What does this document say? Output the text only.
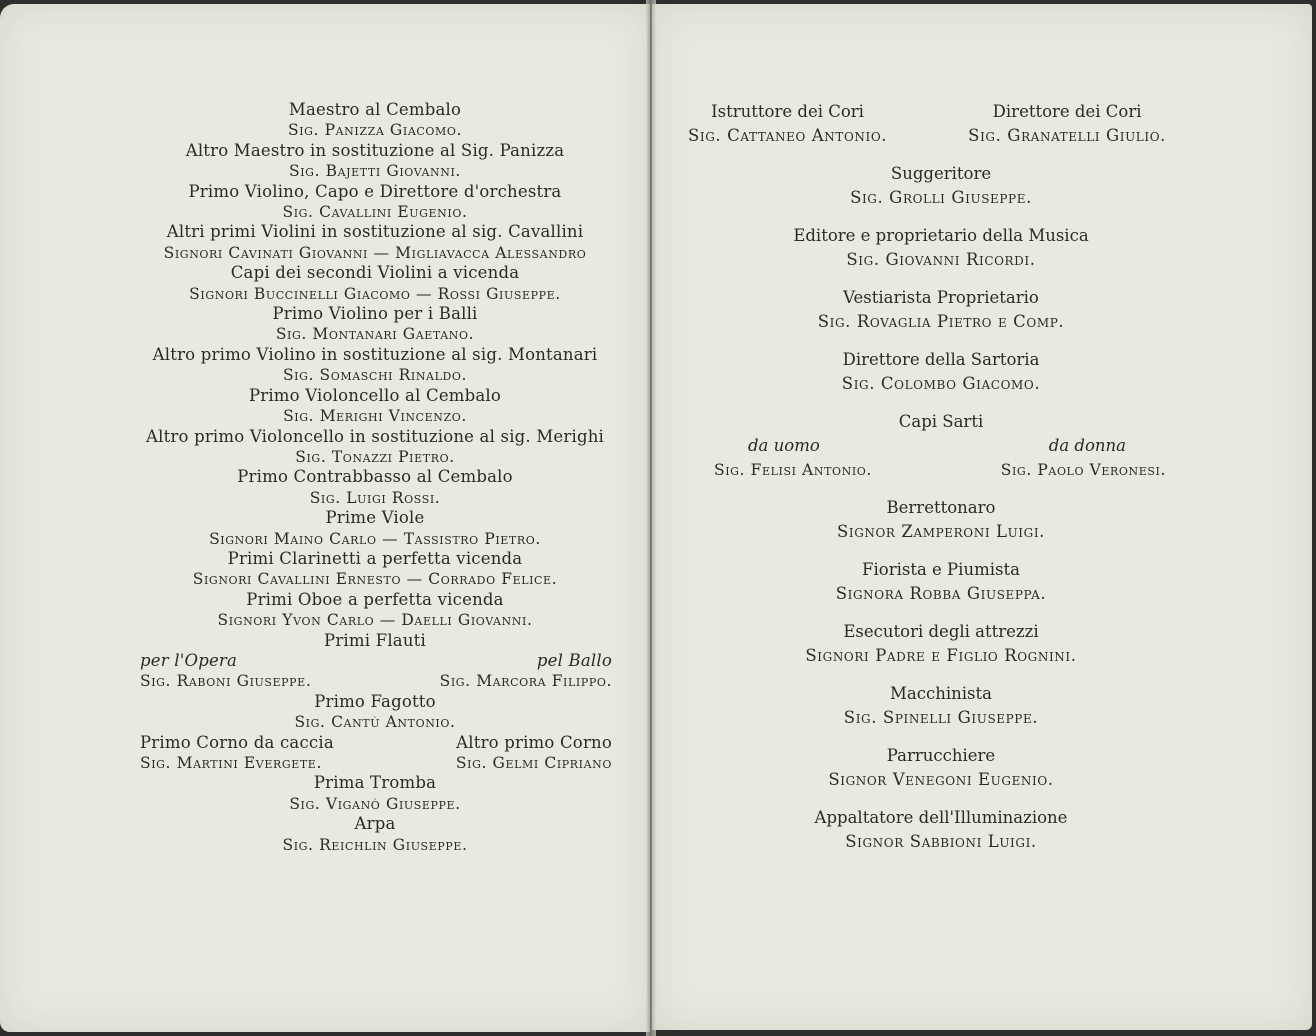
Maestro al Cembalo
Sig. Panizza Giacomo.
Altro Maestro in sostituzione al Sig. Panizza
Sig. Bajetti Giovanni.
Primo Violino, Capo e Direttore d'orchestra
Sig. Cavallini Eugenio.
Altri primi Violini in sostituzione al sig. Cavallini
Signori Cavinati Giovanni — Migliavacca Alessandro
Capi dei secondi Violini a vicenda
Signori Buccinelli Giacomo — Rossi Giuseppe.
Primo Violino per i Balli
Sig. Montanari Gaetano.
Altro primo Violino in sostituzione al sig. Montanari
Sig. Somaschi Rinaldo.
Primo Violoncello al Cembalo
Sig. Merighi Vincenzo.
Altro primo Violoncello in sostituzione al sig. Merighi
Sig. Tonazzi Pietro.
Primo Contrabbasso al Cembalo
Sig. Luigi Rossi.
Prime Viole
Signori Maino Carlo — Tassistro Pietro.
Primi Clarinetti a perfetta vicenda
Signori Cavallini Ernesto — Corrado Felice.
Primi Oboe a perfetta vicenda
Signori Yvon Carlo — Daelli Giovanni.
Primi Flauti
per l'Opera	pel Ballo
Sig. Raboni Giuseppe.	Sig. Marcora Filippo.
Primo Fagotto
Sig. Cantù Antonio.
Primo Corno da caccia	Altro primo Corno
Sig. Martini Evergete.	Sig. Gelmi Cipriano
Prima Tromba
Sig. Viganò Giuseppe.
Arpa
Sig. Reichlin Giuseppe.
Istruttore dei Cori
Sig. Cattaneo Antonio.
Direttore dei Cori
Sig. Granatelli Giulio.
Suggeritore
Sig. Grolli Giuseppe.
Editore e proprietario della Musica
Sig. Giovanni Ricordi.
Vestiarista Proprietario
Sig. Rovaglia Pietro e Comp.
Direttore della Sartoria
Sig. Colombo Giacomo.
Capi Sarti
da uomo	da donna
Sig. Felisi Antonio.	Sig. Paolo Veronesi.
Berrettonaro
Signor Zamperoni Luigi.
Fiorista e Piumista
Signora Robba Giuseppa.
Esecutori degli attrezzi
Signori Padre e Figlio Rognini.
Macchinista
Sig. Spinelli Giuseppe.
Parrucchiere
Signor Venegoni Eugenio.
Appaltatore dell'Illuminazione
Signor Sabbioni Luigi.
